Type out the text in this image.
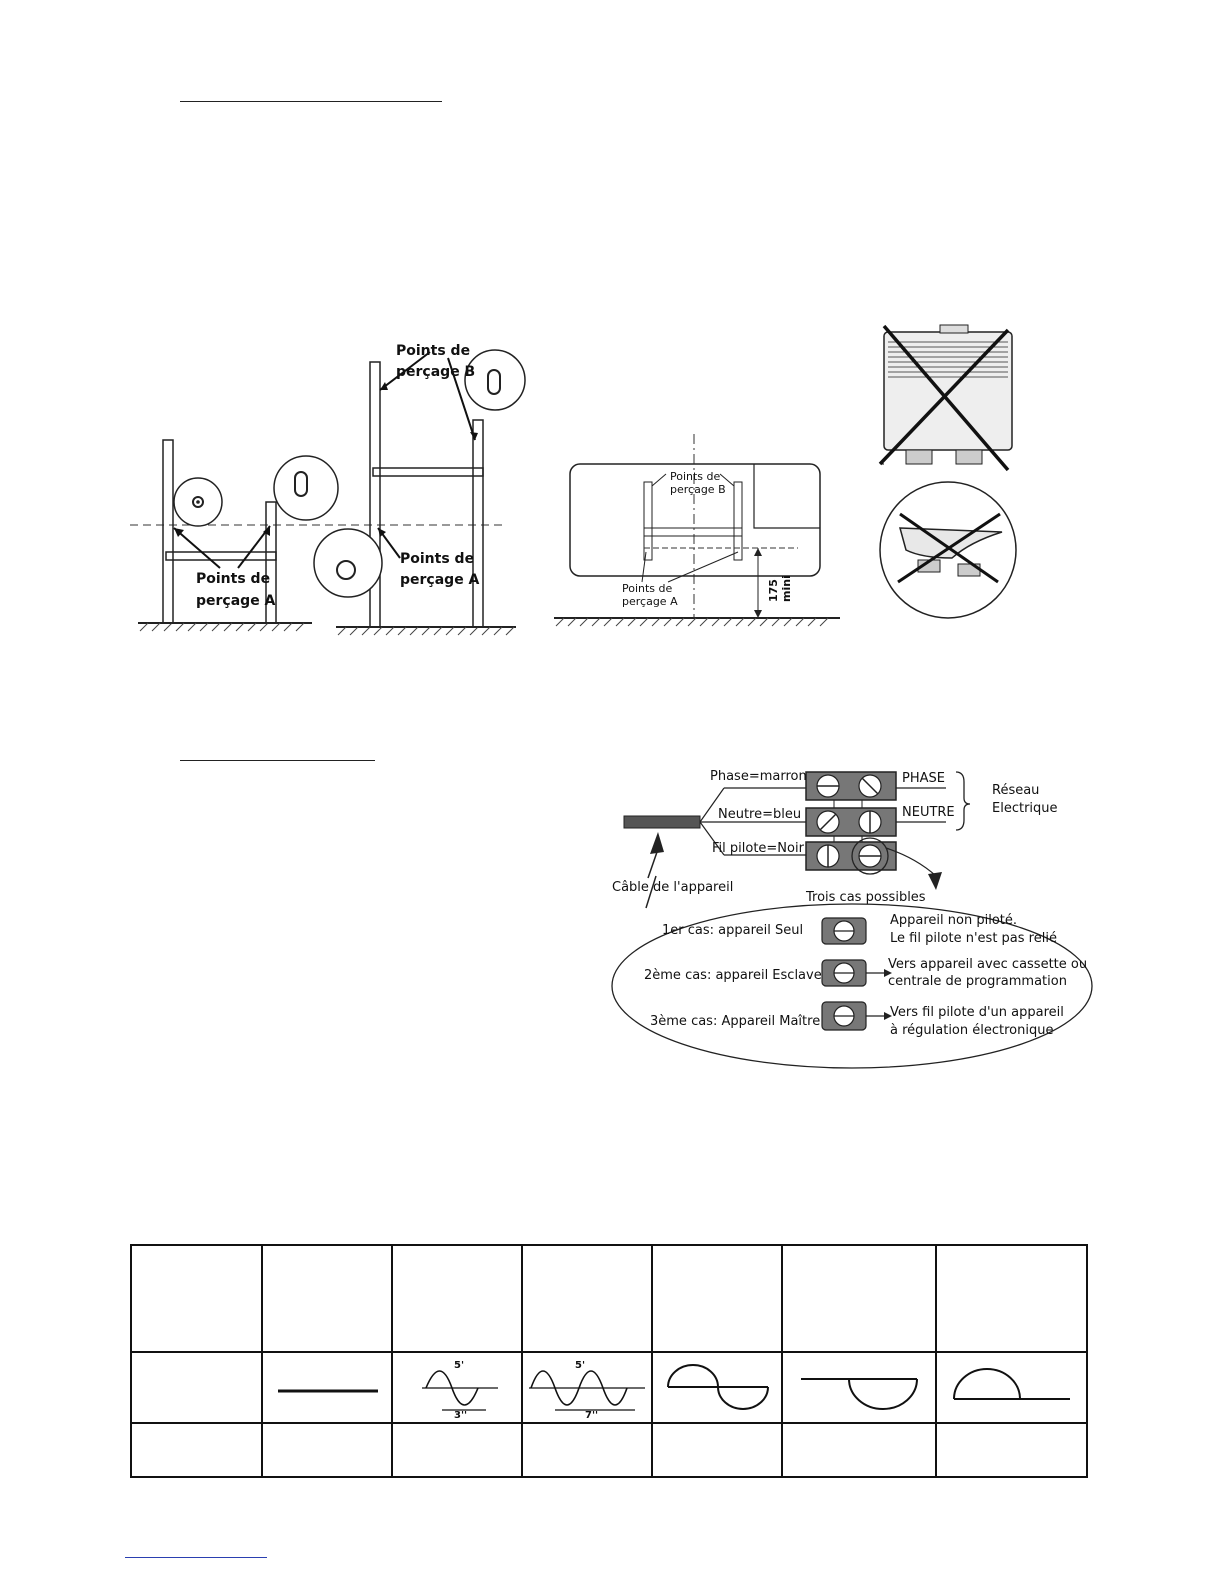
Points de
perçage A
Points de
perçage B
Points de
perçage A
Points de
perçage B
Points de
perçage A	175 mini
Phase=marron
Neutre=bleu
Fil pilote=Noir
PHASE
NEUTRE
Réseau
Electrique
Câble de l'appareil
Trois cas possibles
1er cas: appareil Seul
2ème cas: appareil Esclave
3ème cas: Appareil Maître
Appareil non piloté.
Le fil pilote n'est pas relié
Vers appareil avec cassette ou
centrale de programmation
Vers fil pilote d'un appareil
à régulation électronique

5'
3''	5'
7''
